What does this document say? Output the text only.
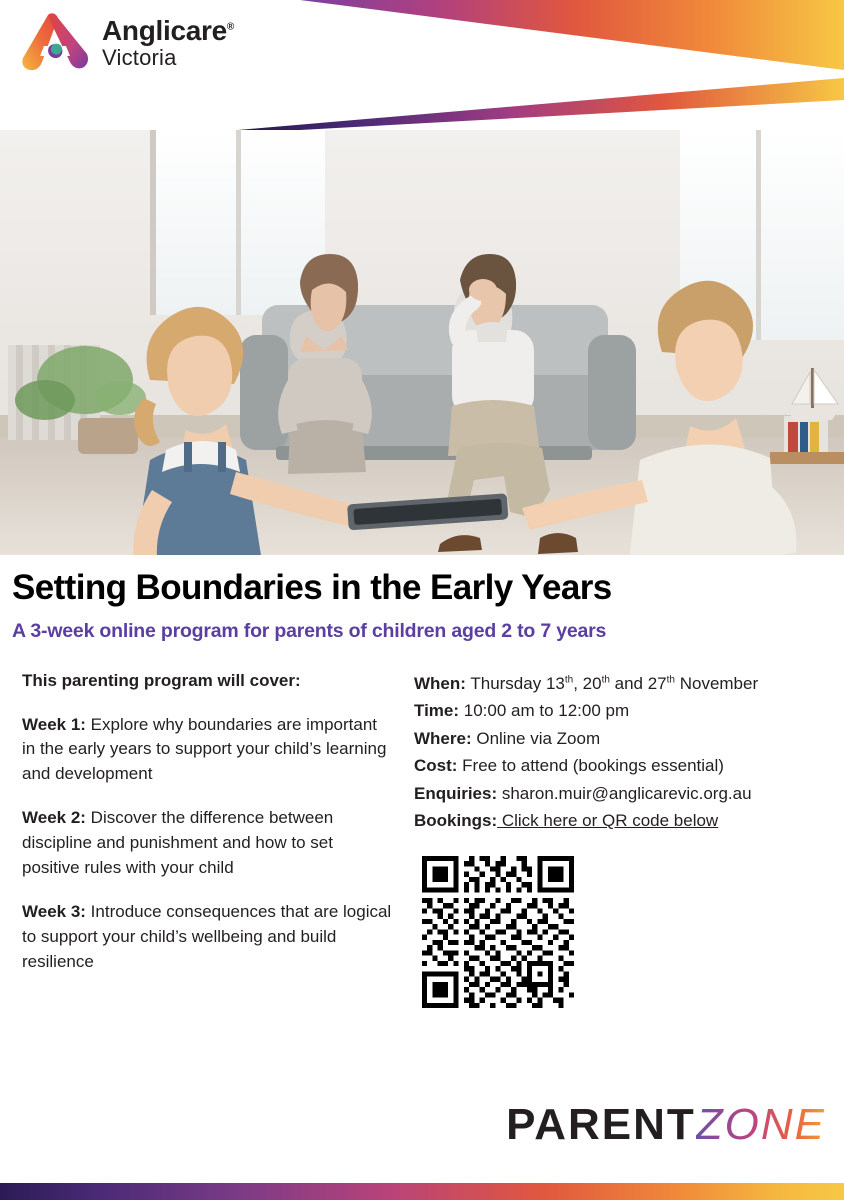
Anglicare®
Victoria
Setting Boundaries in the Early Years
A 3-week online program for parents of children aged 2 to 7 years

This parenting program will cover:

Week 1: Explore why boundaries are important in the early years to support your child’s learning and development

Week 2: Discover the difference between discipline and punishment and how to set positive rules with your child

Week 3: Introduce consequences that are logical to support your child’s wellbeing and build resilience

When: Thursday 13th, 20th and 27th November

Time: 10:00 am to 12:00 pm

Where: Online via Zoom

Cost: Free to attend (bookings essential)

Enquiries: sharon.muir@anglicarevic.org.au

Bookings: Click here or QR code below

PARENT ZONE
